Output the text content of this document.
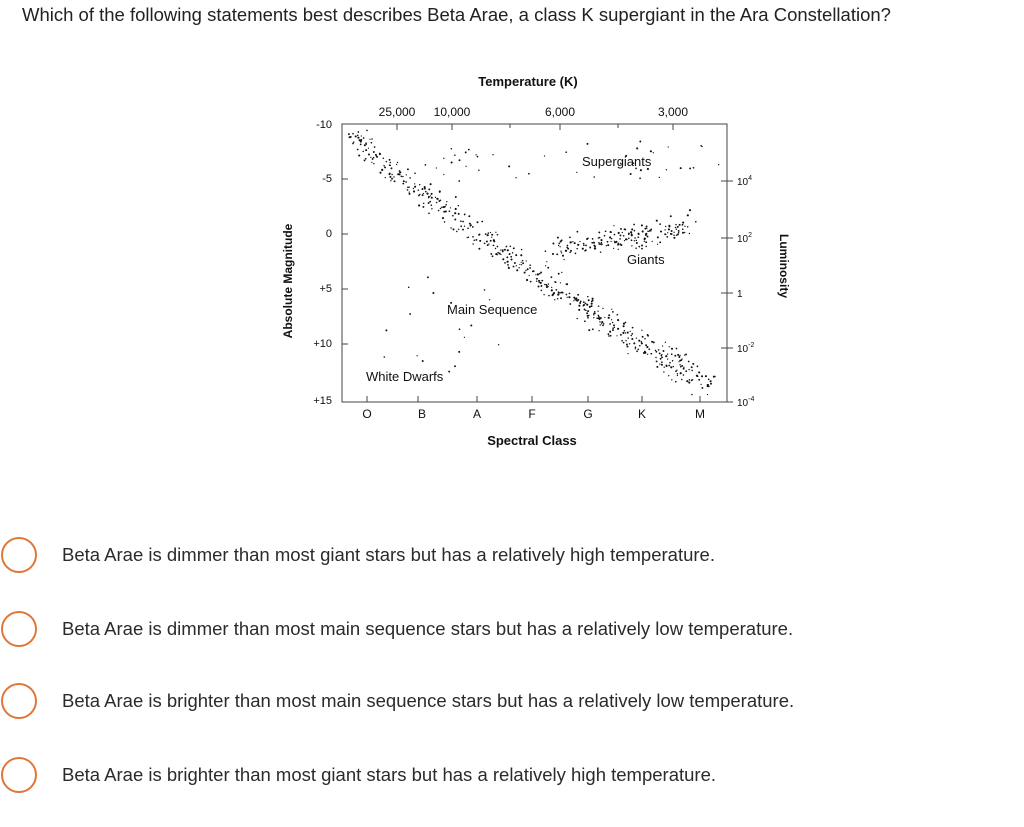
Which of the following statements best describes Beta Arae, a class K supergiant in the Ara Constellation?
Temperature (K)
25,000 10,000	6,000	3,000
Absolute Magnitude
-10
-5
0
+5
+10
+15
Luminosity
$10^4$
$10^2$
1
$10^{-2}$
$10^{-4}$
O	B	A	F	G	K	M
Spectral Class
Supergiants
Giants
Main Sequence
White Dwarfs
Beta Arae is dimmer than most giant stars but has a relatively high temperature.
Beta Arae is dimmer than most main sequence stars but has a relatively low temperature.
Beta Arae is brighter than most main sequence stars but has a relatively low temperature.
Beta Arae is brighter than most giant stars but has a relatively high temperature.
